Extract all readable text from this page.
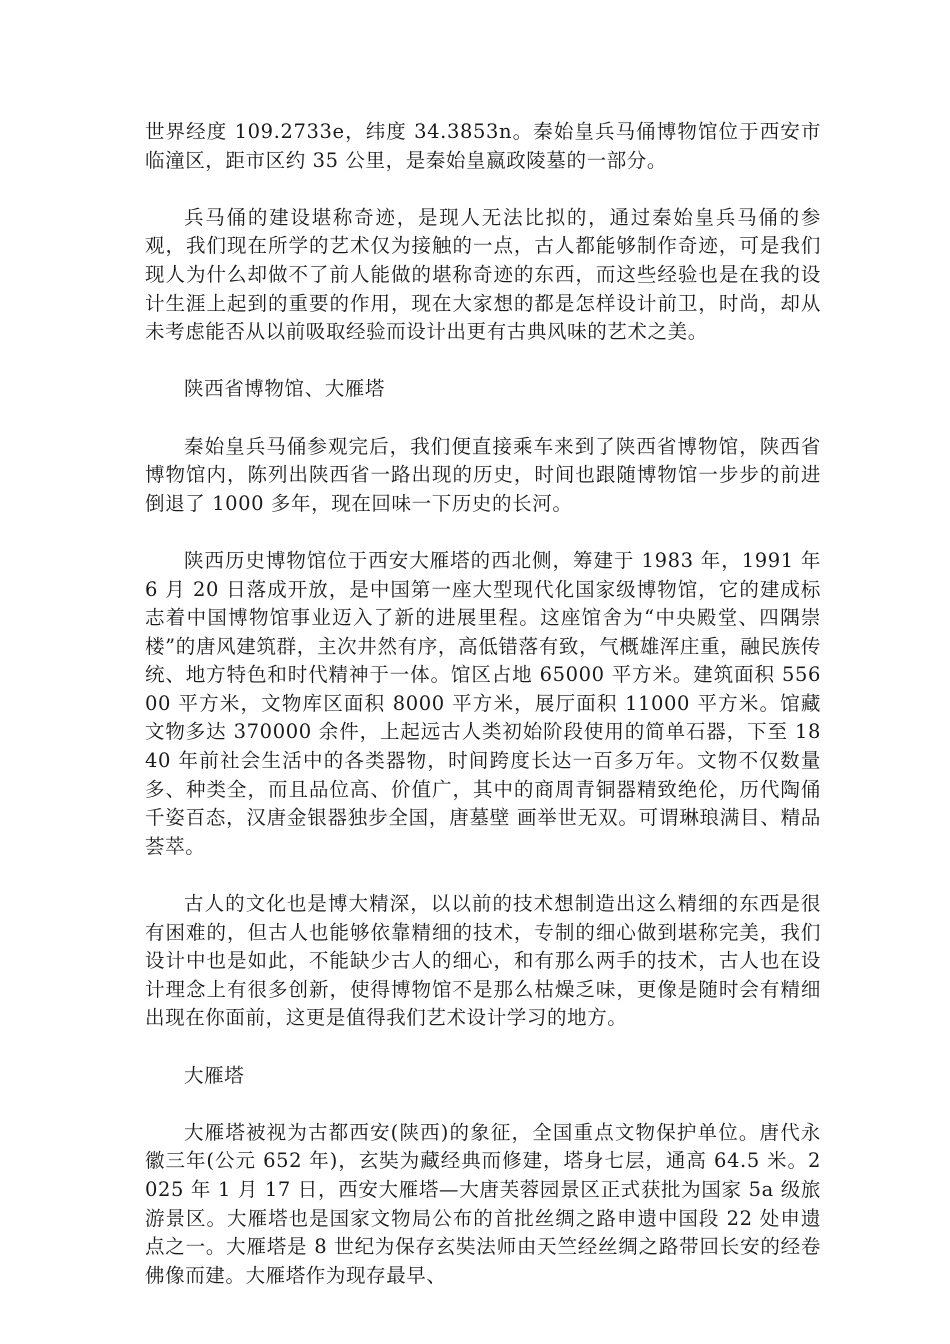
世界经度 109.2733e，纬度 34.3853n。秦始皇兵马俑博物馆位于西安市临潼区，距市区约 35 公里，是秦始皇嬴政陵墓的一部分。

兵马俑的建设堪称奇迹，是现人无法比拟的，通过秦始皇兵马俑的参观，我们现在所学的艺术仅为接触的一点，古人都能够制作奇迹，可是我们现人为什么却做不了前人能做的堪称奇迹的东西，而这些经验也是在我的设计生涯上起到的重要的作用，现在大家想的都是怎样设计前卫，时尚，却从未考虑能否从以前吸取经验而设计出更有古典风味的艺术之美。

陕西省博物馆、大雁塔

秦始皇兵马俑参观完后，我们便直接乘车来到了陕西省博物馆，陕西省博物馆内，陈列出陕西省一路出现的历史，时间也跟随博物馆一步步的前进倒退了 1000 多年，现在回味一下历史的长河。

陕西历史博物馆位于西安大雁塔的西北侧，筹建于 1983 年，1991 年 6 月 20 日落成开放，是中国第一座大型现代化国家级博物馆，它的建成标志着中国博物馆事业迈入了新的进展里程。这座馆舍为“中央殿堂、四隅崇楼”的唐风建筑群，主次井然有序，高低错落有致，气概雄浑庄重，融民族传统、地方特色和时代精神于一体。馆区占地 65000 平方米。建筑面积 55600 平方米，文物库区面积 8000 平方米，展厅面积 11000 平方米。馆藏文物多达 370000 余件，上起远古人类初始阶段使用的简单石器，下至 1840 年前社会生活中的各类器物，时间跨度长达一百多万年。文物不仅数量多、种类全，而且品位高、价值广，其中的商周青铜器精致绝伦，历代陶俑千姿百态，汉唐金银器独步全国，唐墓壁 画举世无双。可谓琳琅满目、精品荟萃。

古人的文化也是博大精深，以以前的技术想制造出这么精细的东西是很有困难的，但古人也能够依靠精细的技术，专制的细心做到堪称完美，我们设计中也是如此，不能缺少古人的细心，和有那么两手的技术，古人也在设计理念上有很多创新，使得博物馆不是那么枯燥乏味，更像是随时会有精细出现在你面前，这更是值得我们艺术设计学习的地方。

大雁塔

大雁塔被视为古都西安(陕西)的象征，全国重点文物保护单位。唐代永徽三年(公元 652 年)，玄奘为藏经典而修建，塔身七层，通高 64.5 米。2025 年 1 月 17 日，西安大雁塔—大唐芙蓉园景区正式获批为国家 5a 级旅游景区。大雁塔也是国家文物局公布的首批丝绸之路申遗中国段 22 处申遗点之一。大雁塔是 8 世纪为保存玄奘法师由天竺经丝绸之路带回长安的经卷佛像而建。大雁塔作为现存最早、
